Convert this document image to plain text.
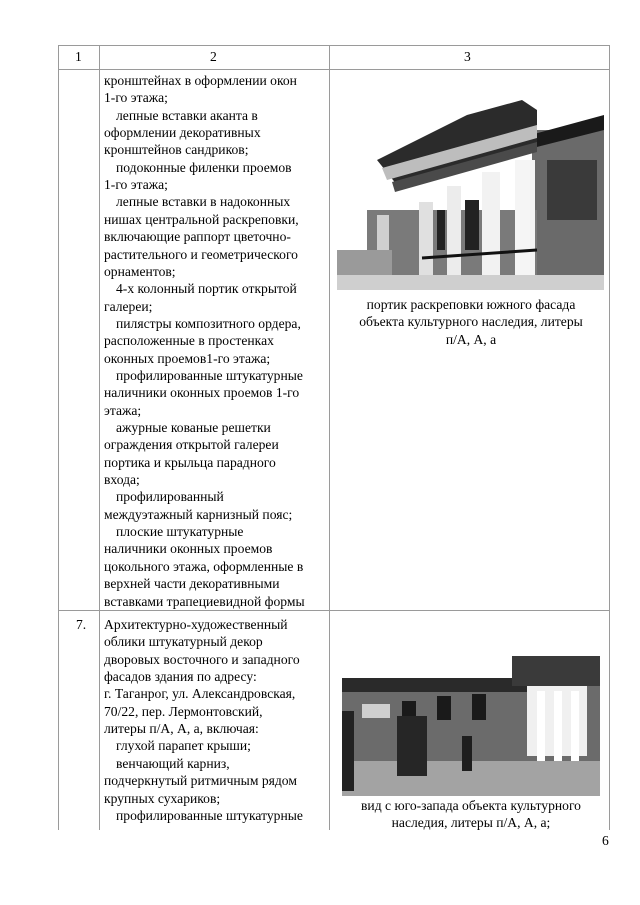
1	2	3
кронштейнах в оформлении окон
1-го этажа;
лепные вставки аканта в
оформлении декоративных
кронштейнов сандриков;
подоконные филенки проемов
1-го этажа;
лепные вставки в надоконных
нишах центральной раскреповки,
включающие раппорт цветочно-
растительного и геометрического
орнаментов;
4-х колонный портик открытой
галереи;
пилястры композитного ордера,
расположенные в простенках
оконных проемов1-го этажа;
профилированные штукатурные
наличники оконных проемов 1-го
этажа;
ажурные кованые решетки
ограждения открытой галереи
портика и крыльца парадного
входа;
профилированный
междуэтажный карнизный пояс;
плоские штукатурные
наличники оконных проемов
цокольного этажа, оформленные в
верхней части декоративными
вставками трапециевидной формы
портик раскреповки южного фасада
объекта культурного наследия, литеры
п/А, А, а
7. Архитектурно-художественный
облики штукатурный декор
дворовых восточного и западного
фасадов здания по адресу:
г. Таганрог, ул. Александровская,
70/22, пер. Лермонтовский,
литеры п/А, А, а, включая:
глухой парапет крыши;
венчающий карниз,
подчеркнутый ритмичным рядом
крупных сухариков;
профилированные штукатурные
вид с юго-запада объекта культурного
наследия, литеры п/А, А, а;
6
